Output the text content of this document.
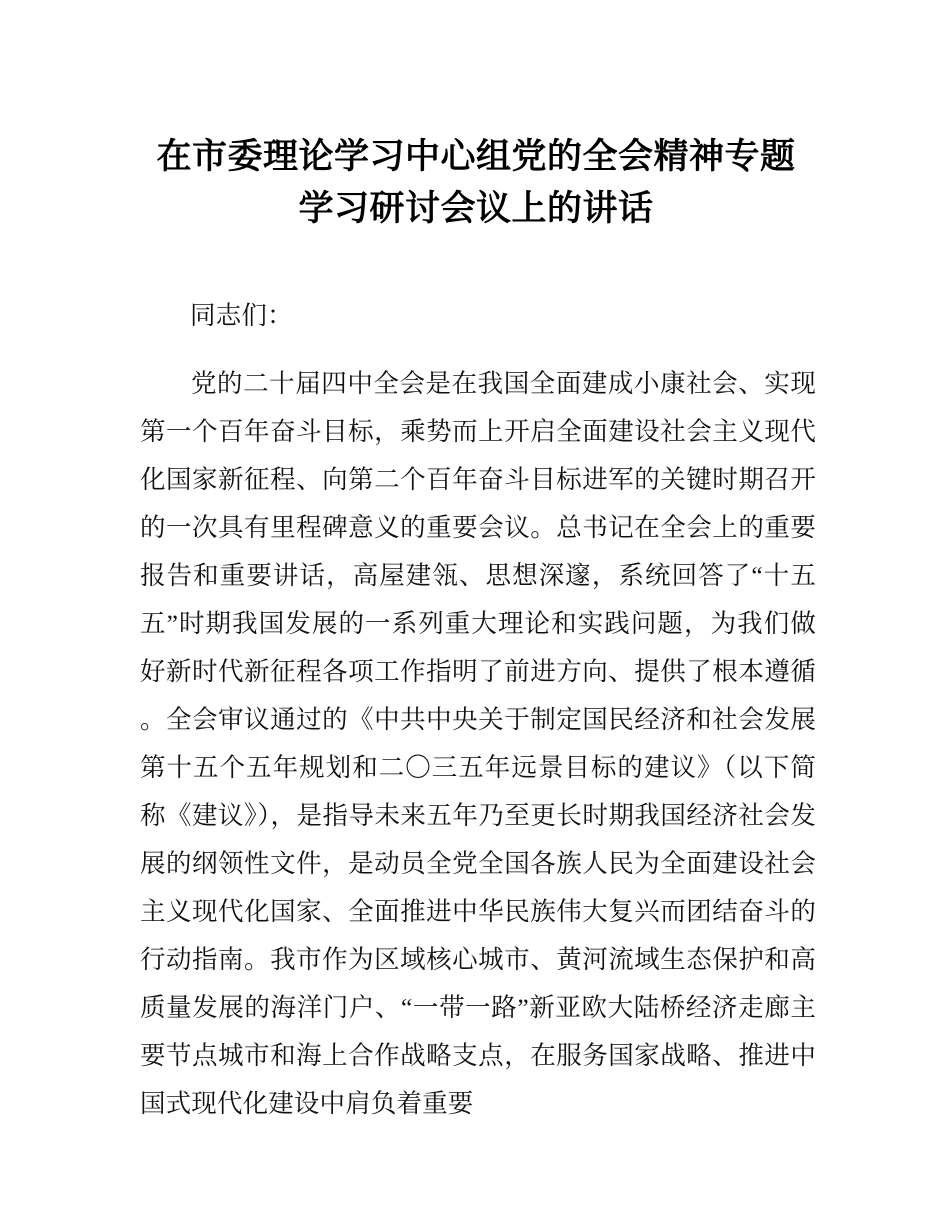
在市委理论学习中心组党的全会精神专题学习研讨会议上的讲话

同志们：

党的二十届四中全会是在我国全面建成小康社会、实现第一个百年奋斗目标，乘势而上开启全面建设社会主义现代化国家新征程、向第二个百年奋斗目标进军的关键时期召开的一次具有里程碑意义的重要会议。总书记在全会上的重要报告和重要讲话，高屋建瓴、思想深邃，系统回答了“十五五”时期我国发展的一系列重大理论和实践问题，为我们做好新时代新征程各项工作指明了前进方向、提供了根本遵循。全会审议通过的《中共中央关于制定国民经济和社会发展第十五个五年规划和二〇三五年远景目标的建议》（以下简称《建议》），是指导未来五年乃至更长时期我国经济社会发展的纲领性文件，是动员全党全国各族人民为全面建设社会主义现代化国家、全面推进中华民族伟大复兴而团结奋斗的行动指南。我市作为区域核心城市、黄河流域生态保护和高质量发展的海洋门户、“一带一路”新亚欧大陆桥经济走廊主要节点城市和海上合作战略支点，在服务国家战略、推进中国式现代化建设中肩负着重要
